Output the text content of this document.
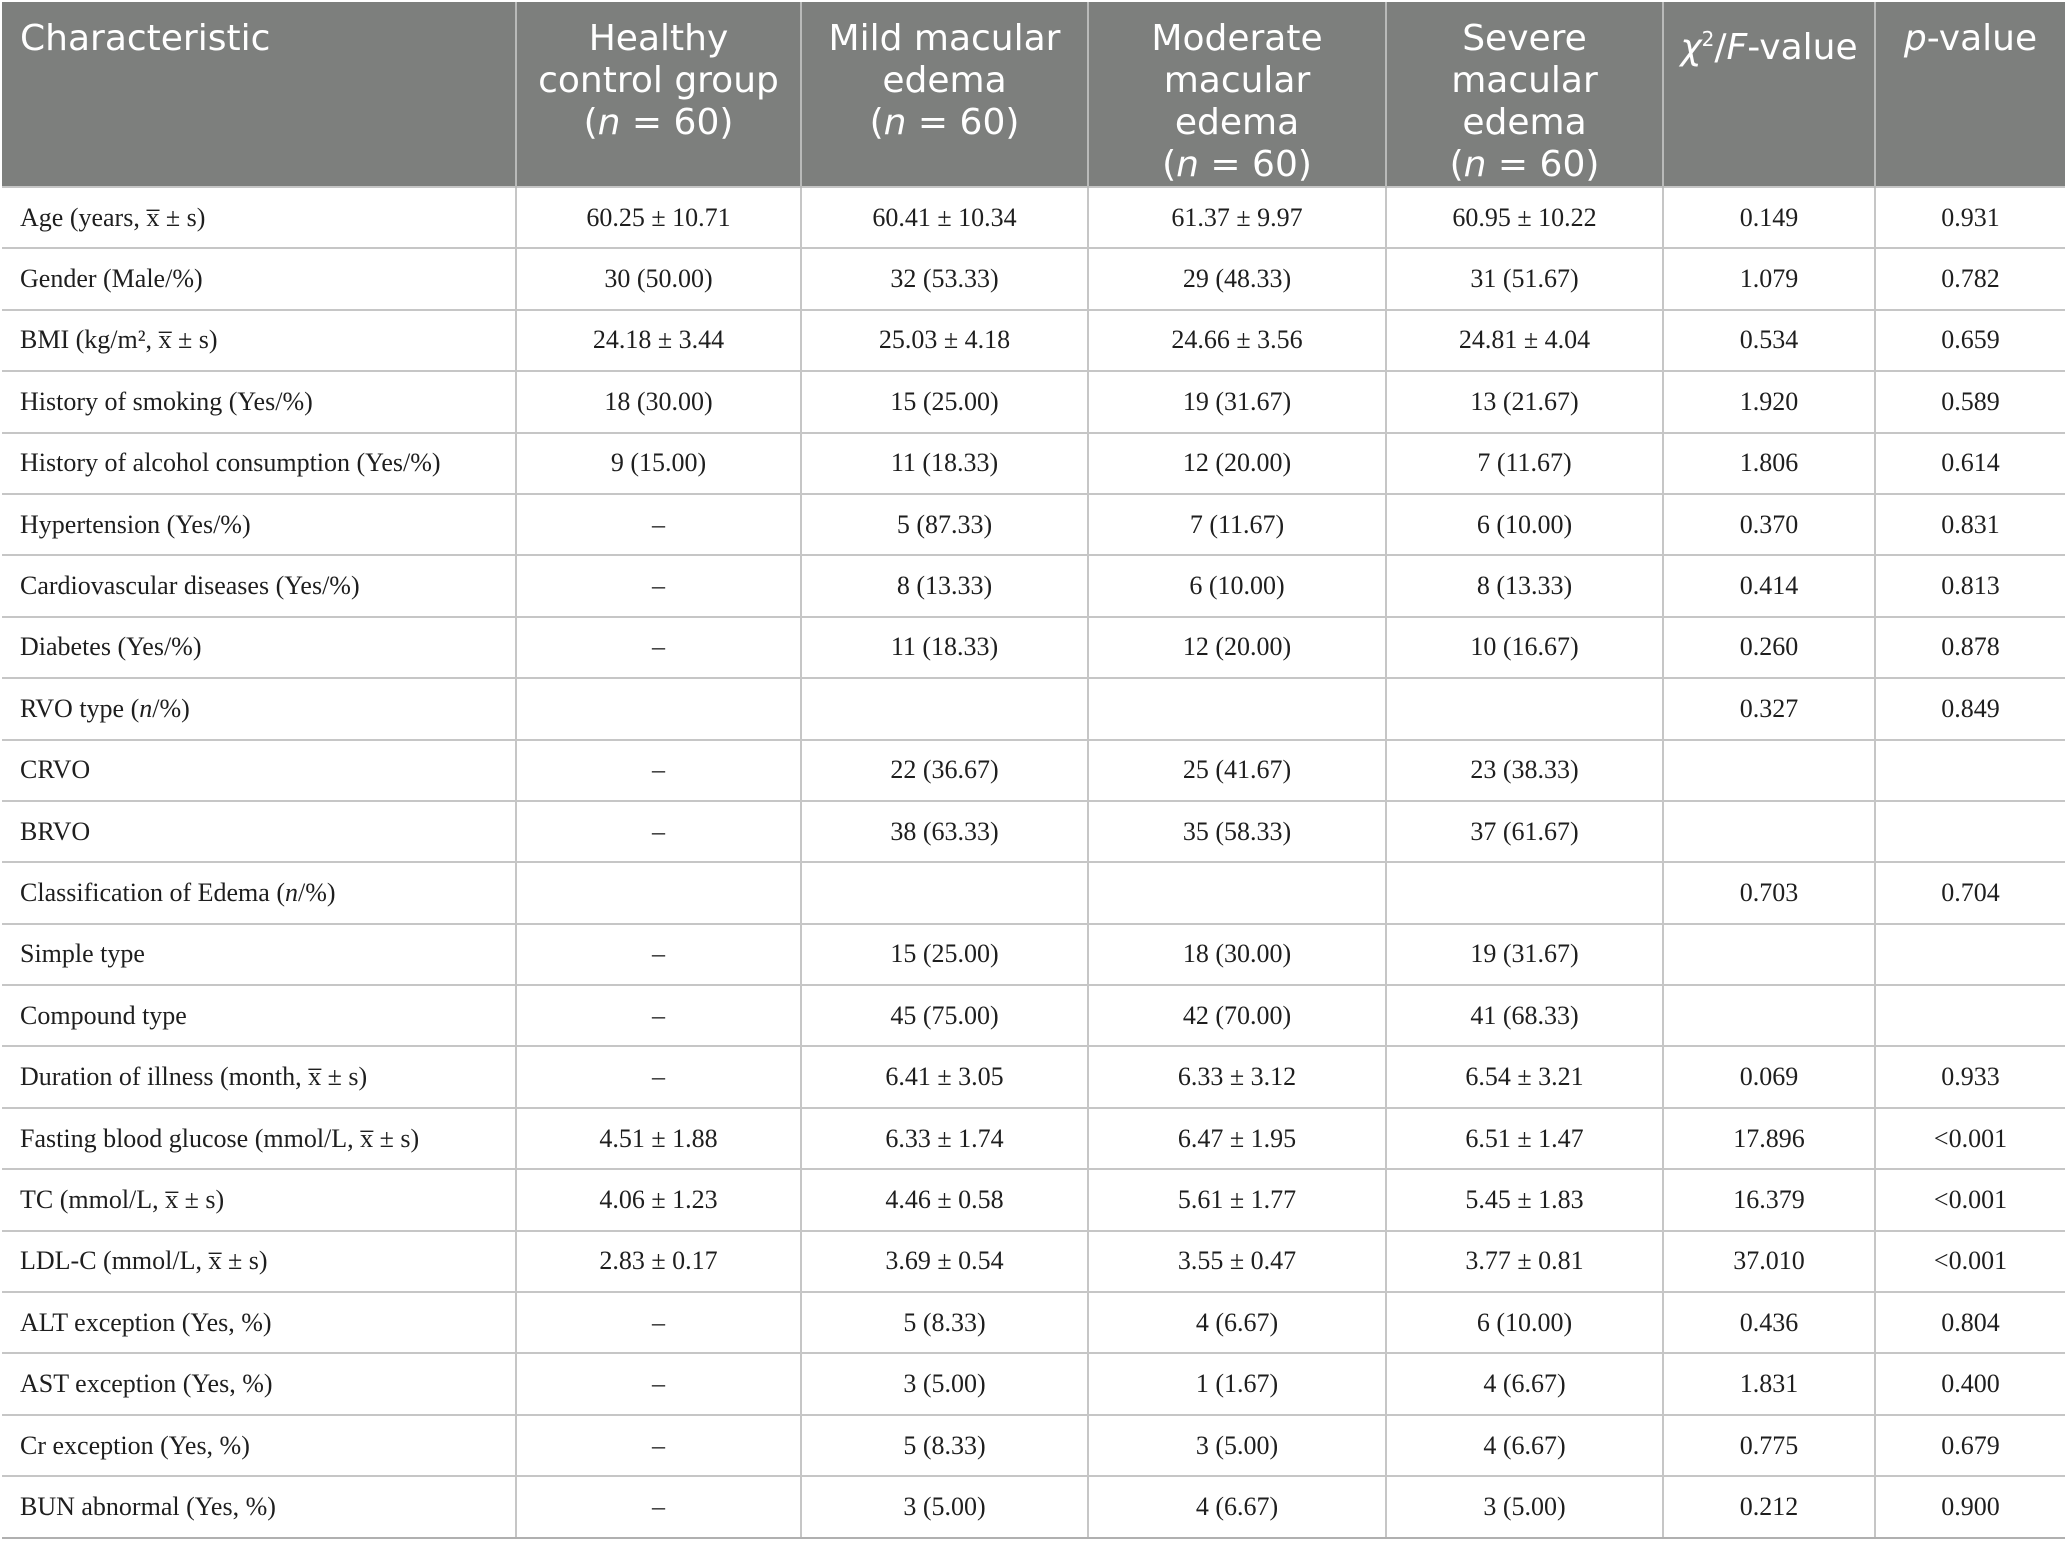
Characteristic	Healthy
control group
(n = 60)	Mild macular
edema
(n = 60)	Moderate
macular
edema
(n = 60)	Severe
macular
edema
(n = 60)	$\chi^2/F$-value	p-value
Age (years, x̅ ± s)	60.25 ± 10.71	60.41 ± 10.34	61.37 ± 9.97	60.95 ± 10.22	0.149	0.931
Gender (Male/%)	30 (50.00)	32 (53.33)	29 (48.33)	31 (51.67)	1.079	0.782
BMI (kg/m², x̅ ± s)	24.18 ± 3.44	25.03 ± 4.18	24.66 ± 3.56	24.81 ± 4.04	0.534	0.659
History of smoking (Yes/%)	18 (30.00)	15 (25.00)	19 (31.67)	13 (21.67)	1.920	0.589
History of alcohol consumption (Yes/%)	9 (15.00)	11 (18.33)	12 (20.00)	7 (11.67)	1.806	0.614
Hypertension (Yes/%)	–	5 (87.33)	7 (11.67)	6 (10.00)	0.370	0.831
Cardiovascular diseases (Yes/%)	–	8 (13.33)	6 (10.00)	8 (13.33)	0.414	0.813
Diabetes (Yes/%)	–	11 (18.33)	12 (20.00)	10 (16.67)	0.260	0.878
RVO type (n/%)					0.327	0.849
CRVO	–	22 (36.67)	25 (41.67)	23 (38.33)		
BRVO	–	38 (63.33)	35 (58.33)	37 (61.67)		
Classification of Edema (n/%)					0.703	0.704
Simple type	–	15 (25.00)	18 (30.00)	19 (31.67)		
Compound type	–	45 (75.00)	42 (70.00)	41 (68.33)		
Duration of illness (month, x̅ ± s)	–	6.41 ± 3.05	6.33 ± 3.12	6.54 ± 3.21	0.069	0.933
Fasting blood glucose (mmol/L, x̅ ± s)	4.51 ± 1.88	6.33 ± 1.74	6.47 ± 1.95	6.51 ± 1.47	17.896	<0.001
TC (mmol/L, x̅ ± s)	4.06 ± 1.23	4.46 ± 0.58	5.61 ± 1.77	5.45 ± 1.83	16.379	<0.001
LDL-C (mmol/L, x̅ ± s)	2.83 ± 0.17	3.69 ± 0.54	3.55 ± 0.47	3.77 ± 0.81	37.010	<0.001
ALT exception (Yes, %)	–	5 (8.33)	4 (6.67)	6 (10.00)	0.436	0.804
AST exception (Yes, %)	–	3 (5.00)	1 (1.67)	4 (6.67)	1.831	0.400
Cr exception (Yes, %)	–	5 (8.33)	3 (5.00)	4 (6.67)	0.775	0.679
BUN abnormal (Yes, %)	–	3 (5.00)	4 (6.67)	3 (5.00)	0.212	0.900
